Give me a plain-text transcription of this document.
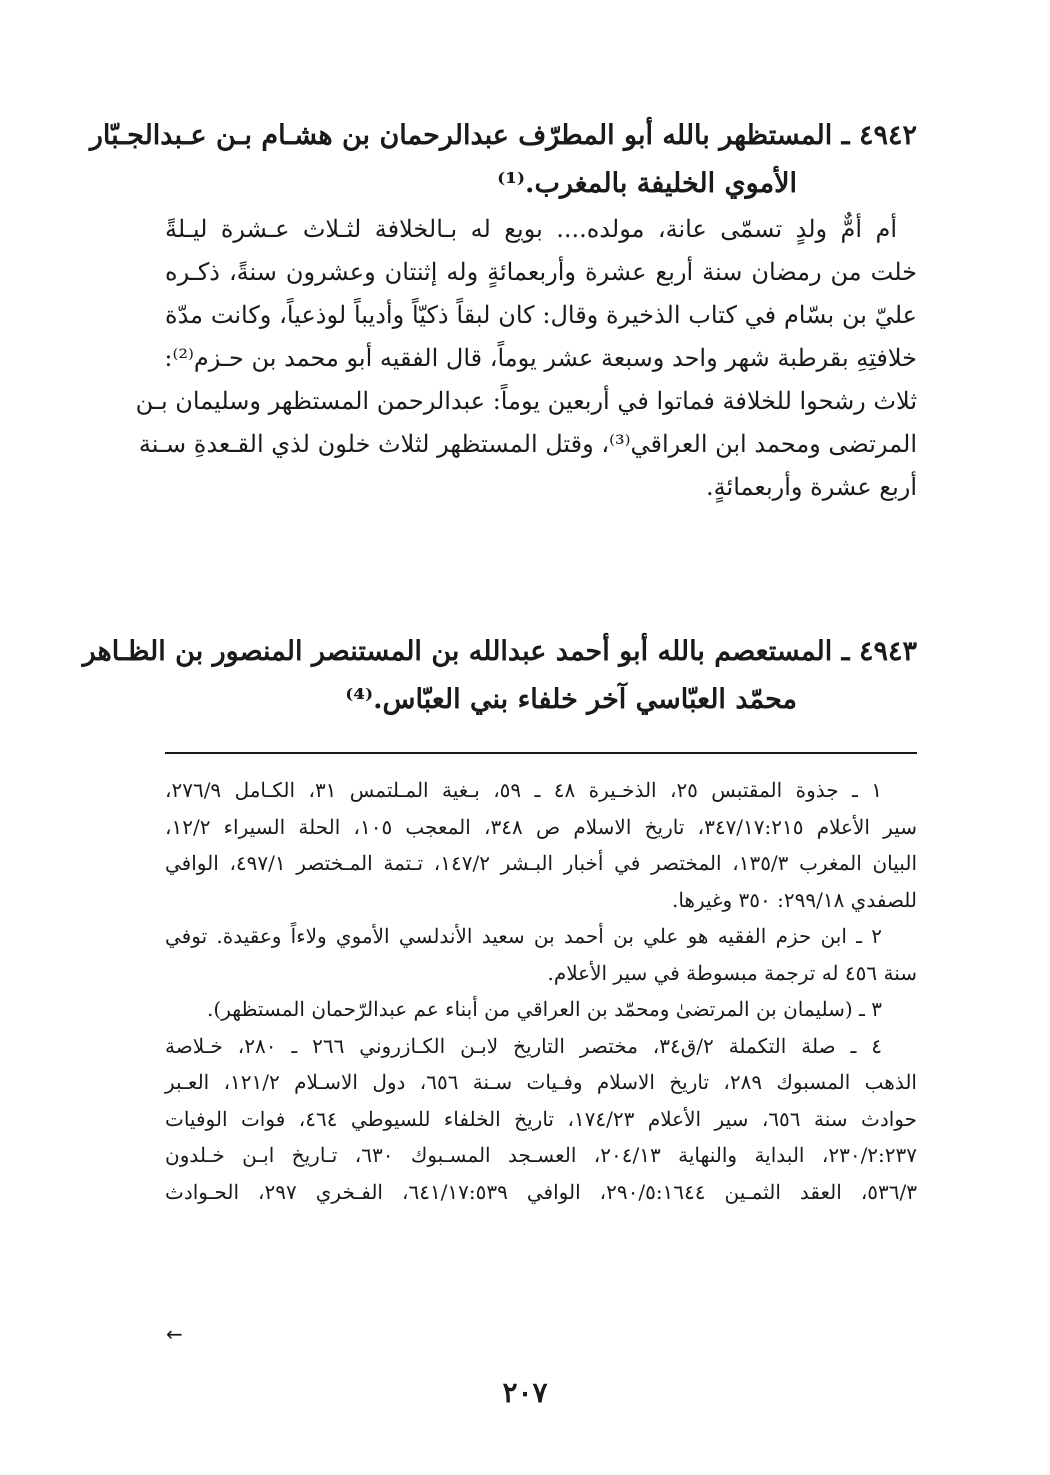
٤٩٤٢ ـ المستظهر بالله أبو المطرّف عبدالرحمان بن هشـام بـن عـبدالجـبّار
الأموي الخليفة بالمغرب.⁽¹⁾
أم أمٌّ ولدٍ تسمّى عانة، مولده.... بويع له بـالخلافة لثـلاث عـشرة ليـلةً
خلت من رمضان سنة أربع عشرة وأربعمائةٍ وله إثنتان وعشرون سنةً، ذكـره
عليّ بن بسّام في كتاب الذخيرة وقال: كان لبقاً ذكيّاً وأديباً لوذعياً، وكانت مدّة
خلافتِهِ بقرطبة شهر واحد وسبعة عشر يوماً، قال الفقيه أبو محمد بن حـزم⁽²⁾:
ثلاث رشحوا للخلافة فماتوا في أربعين يوماً: عبدالرحمن المستظهر وسليمان بـن
المرتضى ومحمد ابن العراقي⁽³⁾، وقتل المستظهر لثلاث خلون لذي القـعدةِ سـنة
أربع عشرة وأربعمائةٍ.
٤٩٤٣ ـ المستعصم بالله أبو أحمد عبدالله بن المستنصر المنصور بن الظـاهر
محمّد العبّاسي آخر خلفاء بني العبّاس.⁽⁴⁾
١ ـ جذوة المقتبس ٢٥، الذخـيرة ٤٨ ـ ٥٩، بـغية المـلتمس ٣١، الكـامل ٢٧٦/٩،
سير الأعلام ٣٤٧/١٧:٢١٥، تاريخ الاسلام ص ٣٤٨، المعجب ١٠٥، الحلة السيراء ١٢/٢،
البيان المغرب ١٣٥/٣، المختصر في أخبار البـشر ١٤٧/٢، تـتمة المـختصر ٤٩٧/١، الوافي
للصفدي ٢٩٩/١٨: ٣٥٠ وغيرها.
٢ ـ ابن حزم الفقيه هو علي بن أحمد بن سعيد الأندلسي الأموي ولاءاً وعقيدة. توفي
سنة ٤٥٦ له ترجمة مبسوطة في سير الأعلام.
٣ ـ (سليمان بن المرتضىٰ ومحمّد بن العراقي من أبناء عم عبدالرّحمان المستظهر).
٤ ـ صلة التكملة ٢/ق٣٤، مختصر التاريخ لابـن الكـازروني ٢٦٦ ـ ٢٨٠، خـلاصة
الذهب المسبوك ٢٨٩، تاريخ الاسلام وفـيات سـنة ٦٥٦، دول الاسـلام ١٢١/٢، العـبر
حوادث سنة ٦٥٦، سير الأعلام ١٧٤/٢٣، تاريخ الخلفاء للسيوطي ٤٦٤، فوات الوفيات
٢٣٠/٢:٢٣٧، البداية والنهاية ٢٠٤/١٣، العسـجد المسـبوك ٦٣٠، تـاريخ ابـن خـلدون
٥٣٦/٣، العقد الثمـين ٢٩٠/٥:١٦٤٤، الوافي ٦٤١/١٧:٥٣٩، الفـخري ٢٩٧، الحـوادث
←
٢٠٧
